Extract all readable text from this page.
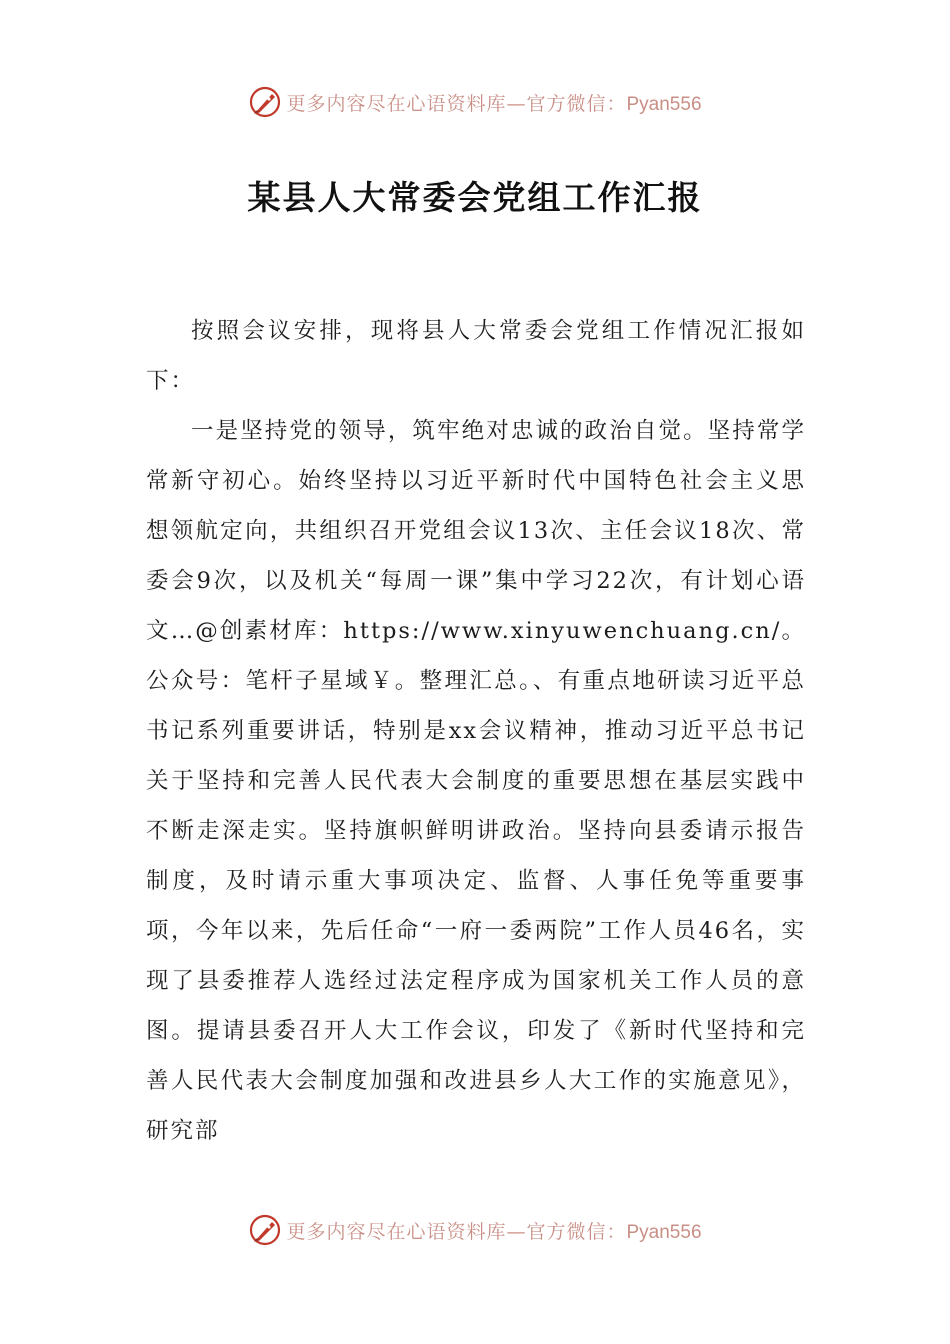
更多内容尽在心语资料库—官方微信：Pyan556
某县人大常委会党组工作汇报

按照会议安排，现将县人大常委会党组工作情况汇报如下：

一是坚持党的领导，筑牢绝对忠诚的政治自觉。坚持常学常新守初心。始终坚持以习近平新时代中国特色社会主义思想领航定向，共组织召开党组会议13次、主任会议18次、常委会9次，以及机关“每周一课”集中学习22次，有计划心语文…@创素材库：https://www.xinyuwenchuang.cn/。公众号：笔杆子星域￥。整理汇总。、有重点地研读习近平总书记系列重要讲话，特别是xx会议精神，推动习近平总书记关于坚持和完善人民代表大会制度的重要思想在基层实践中不断走深走实。坚持旗帜鲜明讲政治。坚持向县委请示报告制度，及时请示重大事项决定、监督、人事任免等重要事项，今年以来，先后任命“一府一委两院”工作人员46名，实现了县委推荐人选经过法定程序成为国家机关工作人员的意图。提请县委召开人大工作会议，印发了《新时代坚持和完善人民代表大会制度加强和改进县乡人大工作的实施意见》，研究部

更多内容尽在心语资料库—官方微信：Pyan556
